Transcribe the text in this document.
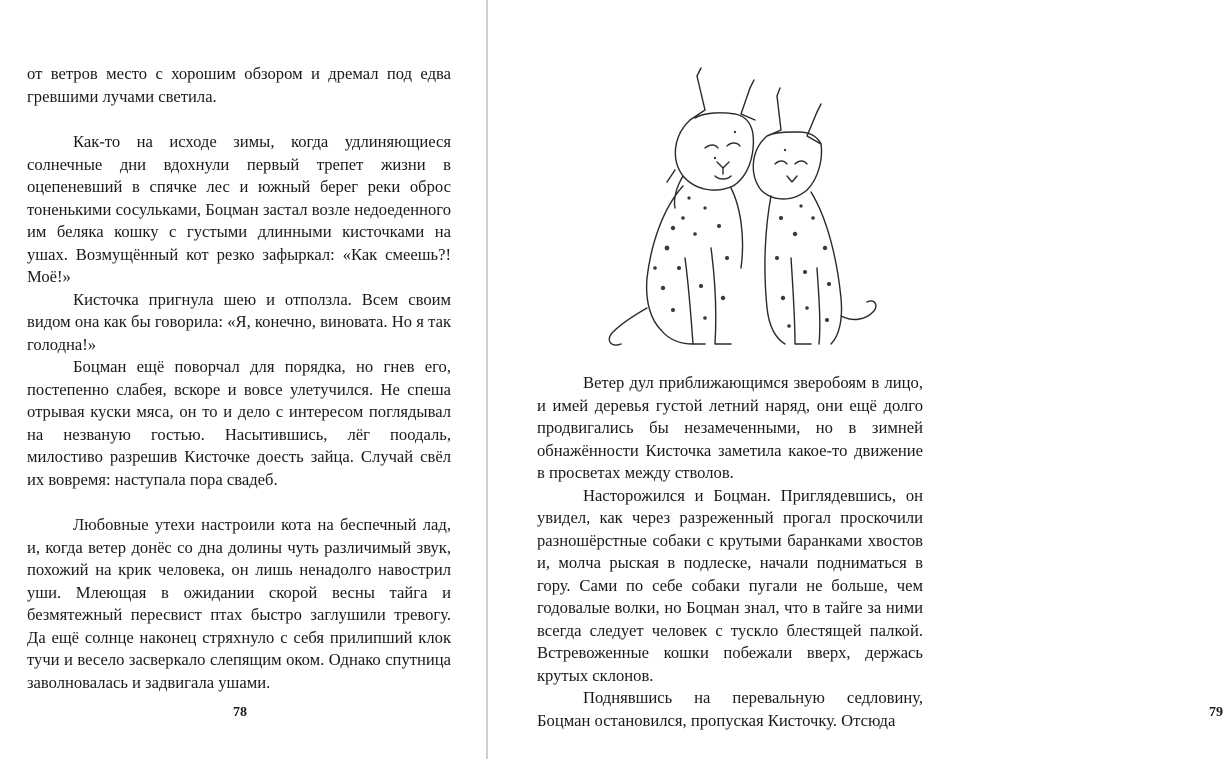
от ветров место с хорошим обзором и дремал под едва гревшими лучами светила.

Как-то на исходе зимы, когда удлиняющиеся солнечные дни вдохнули первый трепет жизни в оцепеневший в спячке лес и южный берег реки оброс тоненькими сосульками, Боцман застал возле недоеденного им беляка кошку с густыми длинными кисточками на ушах. Возмущённый кот резко зафыркал: «Как смеешь?! Моё!»

Кисточка пригнула шею и отползла. Всем своим видом она как бы говорила: «Я, конечно, виновата. Но я так голодна!»

Боцман ещё поворчал для порядка, но гнев его, постепенно слабея, вскоре и вовсе улетучился. Не спеша отрывая куски мяса, он то и дело с интересом поглядывал на незваную гостью. Насытившись, лёг поодаль, милостиво разрешив Кисточке доесть зайца. Случай свёл их вовремя: наступала пора свадеб.

Любовные утехи настроили кота на беспечный лад, и, когда ветер донёс со дна долины чуть различимый звук, похожий на крик человека, он лишь ненадолго навострил уши. Млеющая в ожидании скорой весны тайга и безмятежный пересвист птах быстро заглушили тревогу. Да ещё солнце наконец стряхнуло с себя прилипший клок тучи и весело засверкало слепящим оком. Однако спутница заволновалась и задвигала ушами.

78	79

Ветер дул приближающимся зверобоям в лицо, и имей деревья густой летний наряд, они ещё долго продвигались бы незамеченными, но в зимней обнажённости Кисточка заметила какое-то движение в просветах между стволов.

Насторожился и Боцман. Приглядевшись, он увидел, как через разреженный прогал проскочили разношёрстные собаки с крутыми баранками хвостов и, молча рыская в подлеске, начали подниматься в гору. Сами по себе собаки пугали не больше, чем годовалые волки, но Боцман знал, что в тайге за ними всегда следует человек с тускло блестящей палкой. Встревоженные кошки побежали вверх, держась крутых склонов.

Поднявшись на перевальную седловину, Боцман остановился, пропуская Кисточку. Отсюда
